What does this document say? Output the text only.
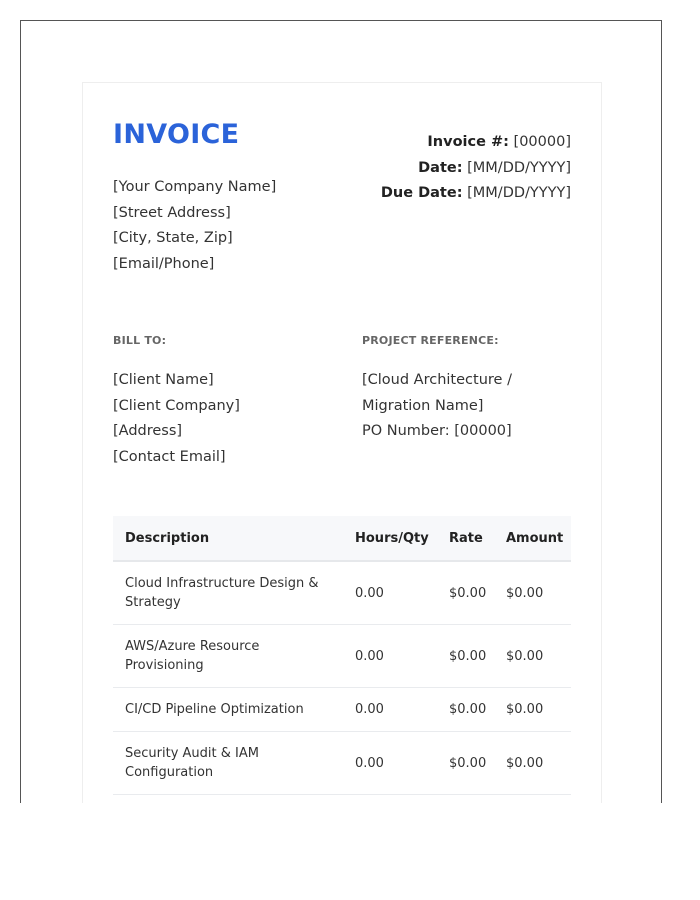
INVOICE
[Your Company Name]
[Street Address]
[City, State, Zip]
[Email/Phone]
Invoice #: [00000]
Date: [MM/DD/YYYY]
Due Date: [MM/DD/YYYY]
BILL TO:	PROJECT REFERENCE:
[Client Name]
[Client Company]
[Address]
[Contact Email]
[Cloud Architecture /
Migration Name]
PO Number: [00000]
Description	Hours/Qty	Rate	Amount
Cloud Infrastructure Design & Strategy	0.00	$0.00	$0.00
AWS/Azure Resource Provisioning	0.00	$0.00	$0.00
CI/CD Pipeline Optimization	0.00	$0.00	$0.00
Security Audit & IAM Configuration	0.00	$0.00	$0.00
